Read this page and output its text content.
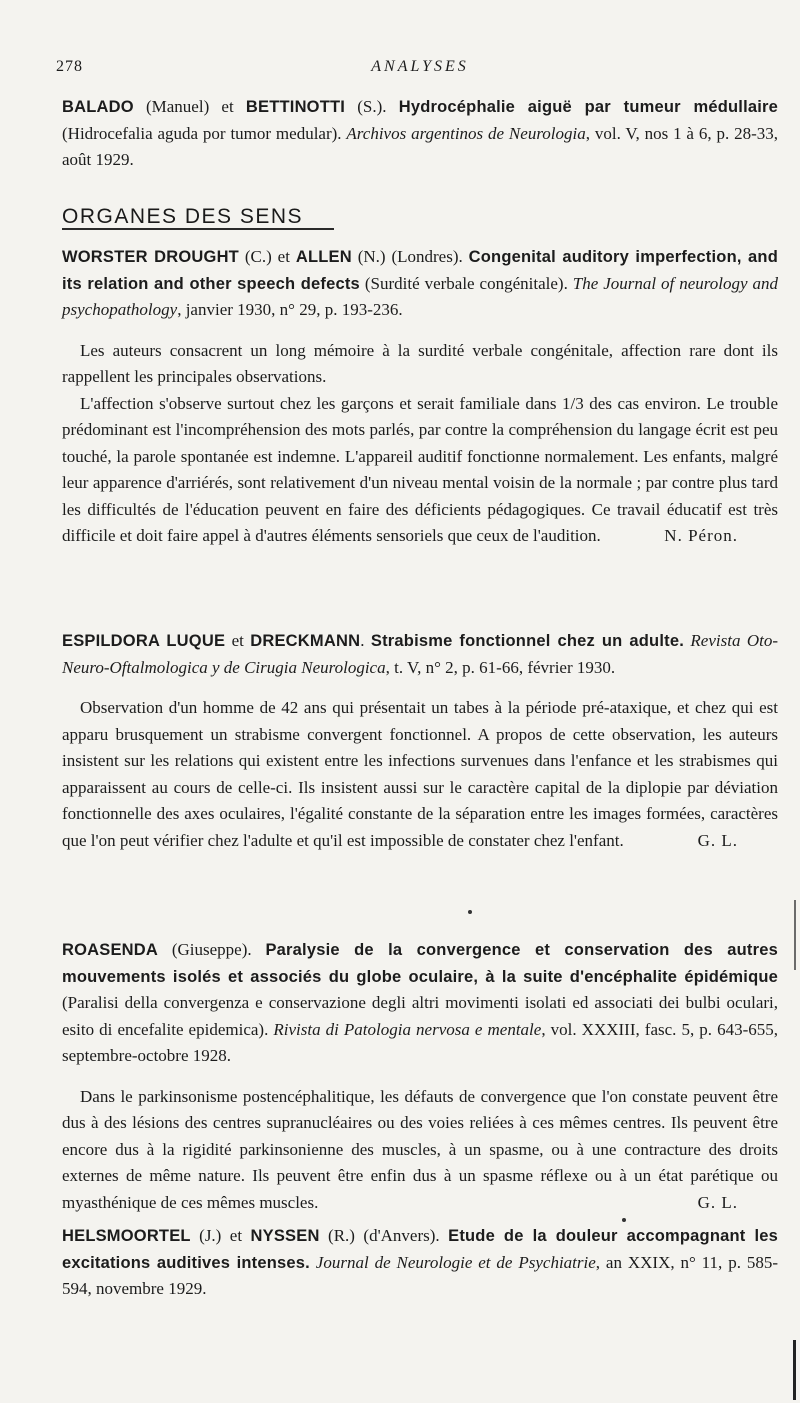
278	ANALYSES

BALADO (Manuel) et BETTINOTTI (S.). Hydrocéphalie aiguë par tumeur médullaire (Hidrocefalia aguda por tumor medular). Archivos argentinos de Neurologia, vol. V, nos 1 à 6, p. 28-33, août 1929.

ORGANES DES SENS

WORSTER DROUGHT (C.) et ALLEN (N.) (Londres). Congenital auditory imperfection, and its relation and other speech defects (Surdité verbale congénitale). The Journal of neurology and psychopathology, janvier 1930, n° 29, p. 193-236.

Les auteurs consacrent un long mémoire à la surdité verbale congénitale, affection rare dont ils rappellent les principales observations.

L'affection s'observe surtout chez les garçons et serait familiale dans 1/3 des cas environ. Le trouble prédominant est l'incompréhension des mots parlés, par contre la compréhension du langage écrit est peu touché, la parole spontanée est indemne. L'appareil auditif fonctionne normalement. Les enfants, malgré leur apparence d'arriérés, sont relativement d'un niveau mental voisin de la normale ; par contre plus tard les difficultés de l'éducation peuvent en faire des déficients pédagogiques. Ce travail éducatif est très difficile et doit faire appel à d'autres éléments sensoriels que ceux de l'audition.	N. Péron.

ESPILDORA LUQUE et DRECKMANN. Strabisme fonctionnel chez un adulte. Revista Oto-Neuro-Oftalmologica y de Cirugia Neurologica, t. V, n° 2, p. 61-66, février 1930.

Observation d'un homme de 42 ans qui présentait un tabes à la période pré-ataxique, et chez qui est apparu brusquement un strabisme convergent fonctionnel. A propos de cette observation, les auteurs insistent sur les relations qui existent entre les infections survenues dans l'enfance et les strabismes qui apparaissent au cours de celle-ci. Ils insistent aussi sur le caractère capital de la diplopie par déviation fonctionnelle des axes oculaires, l'égalité constante de la séparation entre les images formées, caractères que l'on peut vérifier chez l'adulte et qu'il est impossible de constater chez l'enfant.	G. L.

ROASENDA (Giuseppe). Paralysie de la convergence et conservation des autres mouvements isolés et associés du globe oculaire, à la suite d'encéphalite épidémique (Paralisi della convergenza e conservazione degli altri movimenti isolati ed associati dei bulbi oculari, esito di encefalite epidemica). Rivista di Patologia nervosa e mentale, vol. XXXIII, fasc. 5, p. 643-655, septembre-octobre 1928.

Dans le parkinsonisme postencéphalitique, les défauts de convergence que l'on constate peuvent être dus à des lésions des centres supranucléaires ou des voies reliées à ces mêmes centres. Ils peuvent être encore dus à la rigidité parkinsonienne des muscles, à un spasme, ou à une contracture des droits externes de même nature. Ils peuvent être enfin dus à un spasme réflexe ou à un état parétique ou myasthénique de ces mêmes muscles.	G. L.

HELSMOORTEL (J.) et NYSSEN (R.) (d'Anvers). Etude de la douleur accompagnant les excitations auditives intenses. Journal de Neurologie et de Psychiatrie, an XXIX, n° 11, p. 585-594, novembre 1929.
